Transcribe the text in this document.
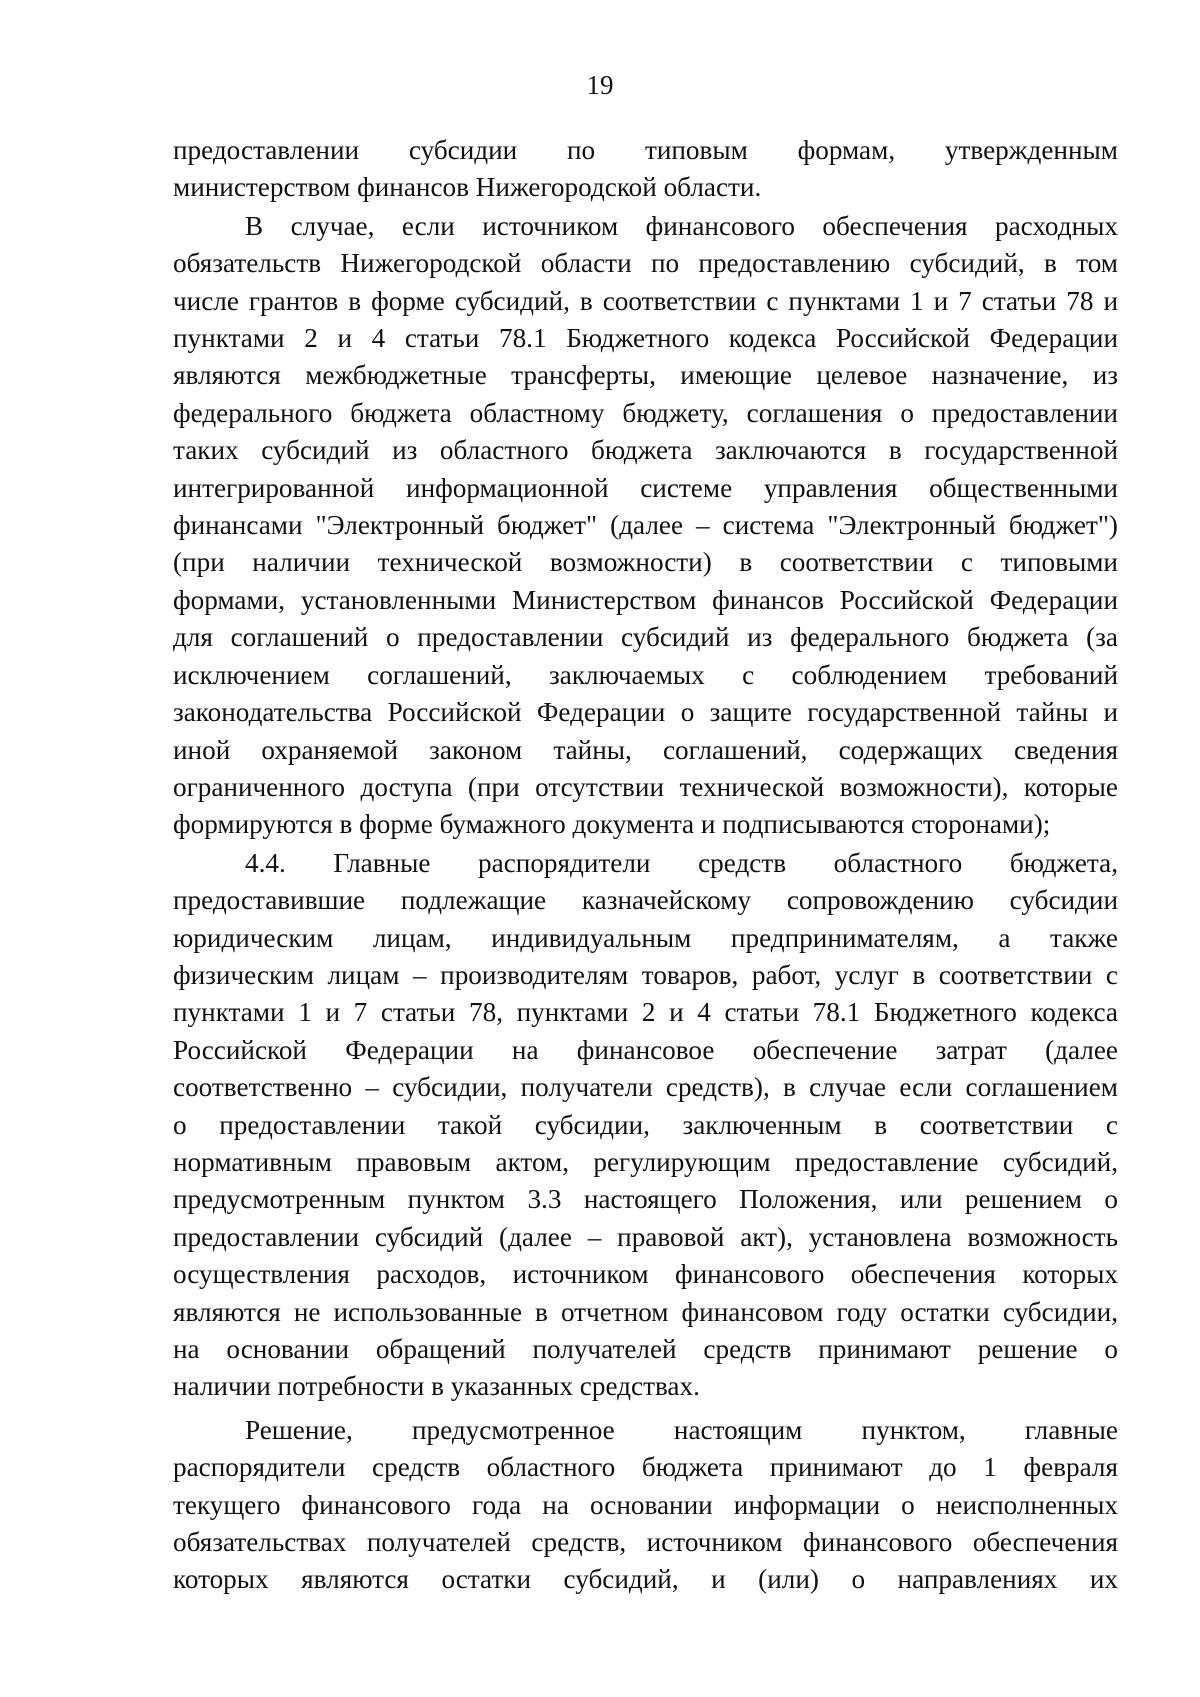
19

предоставлении субсидии по типовым формам, утвержденным

министерством финансов Нижегородской области.

В случае, если источником финансового обеспечения расходных

обязательств Нижегородской области по предоставлению субсидий, в том

числе грантов в форме субсидий, в соответствии с пунктами 1 и 7 статьи 78 и

пунктами 2 и 4 статьи 78.1 Бюджетного кодекса Российской Федерации

являются межбюджетные трансферты, имеющие целевое назначение, из

федерального бюджета областному бюджету, соглашения о предоставлении

таких субсидий из областного бюджета заключаются в государственной

интегрированной информационной системе управления общественными

финансами "Электронный бюджет" (далее – система "Электронный бюджет")

(при наличии технической возможности) в соответствии с типовыми

формами, установленными Министерством финансов Российской Федерации

для соглашений о предоставлении субсидий из федерального бюджета (за

исключением соглашений, заключаемых с соблюдением требований

законодательства Российской Федерации о защите государственной тайны и

иной охраняемой законом тайны, соглашений, содержащих сведения

ограниченного доступа (при отсутствии технической возможности), которые

формируются в форме бумажного документа и подписываются сторонами);

4.4. Главные распорядители средств областного бюджета,

предоставившие подлежащие казначейскому сопровождению субсидии

юридическим лицам, индивидуальным предпринимателям, а также

физическим лицам – производителям товаров, работ, услуг в соответствии с

пунктами 1 и 7 статьи 78, пунктами 2 и 4 статьи 78.1 Бюджетного кодекса

Российской Федерации на финансовое обеспечение затрат (далее

соответственно – субсидии, получатели средств), в случае если соглашением

о предоставлении такой субсидии, заключенным в соответствии с

нормативным правовым актом, регулирующим предоставление субсидий,

предусмотренным пунктом 3.3 настоящего Положения, или решением о

предоставлении субсидий (далее – правовой акт), установлена возможность

осуществления расходов, источником финансового обеспечения которых

являются не использованные в отчетном финансовом году остатки субсидии,

на основании обращений получателей средств принимают решение о

наличии потребности в указанных средствах.

Решение, предусмотренное настоящим пунктом, главные

распорядители средств областного бюджета принимают до 1 февраля

текущего финансового года на основании информации о неисполненных

обязательствах получателей средств, источником финансового обеспечения

которых являются остатки субсидий, и (или) о направлениях их
